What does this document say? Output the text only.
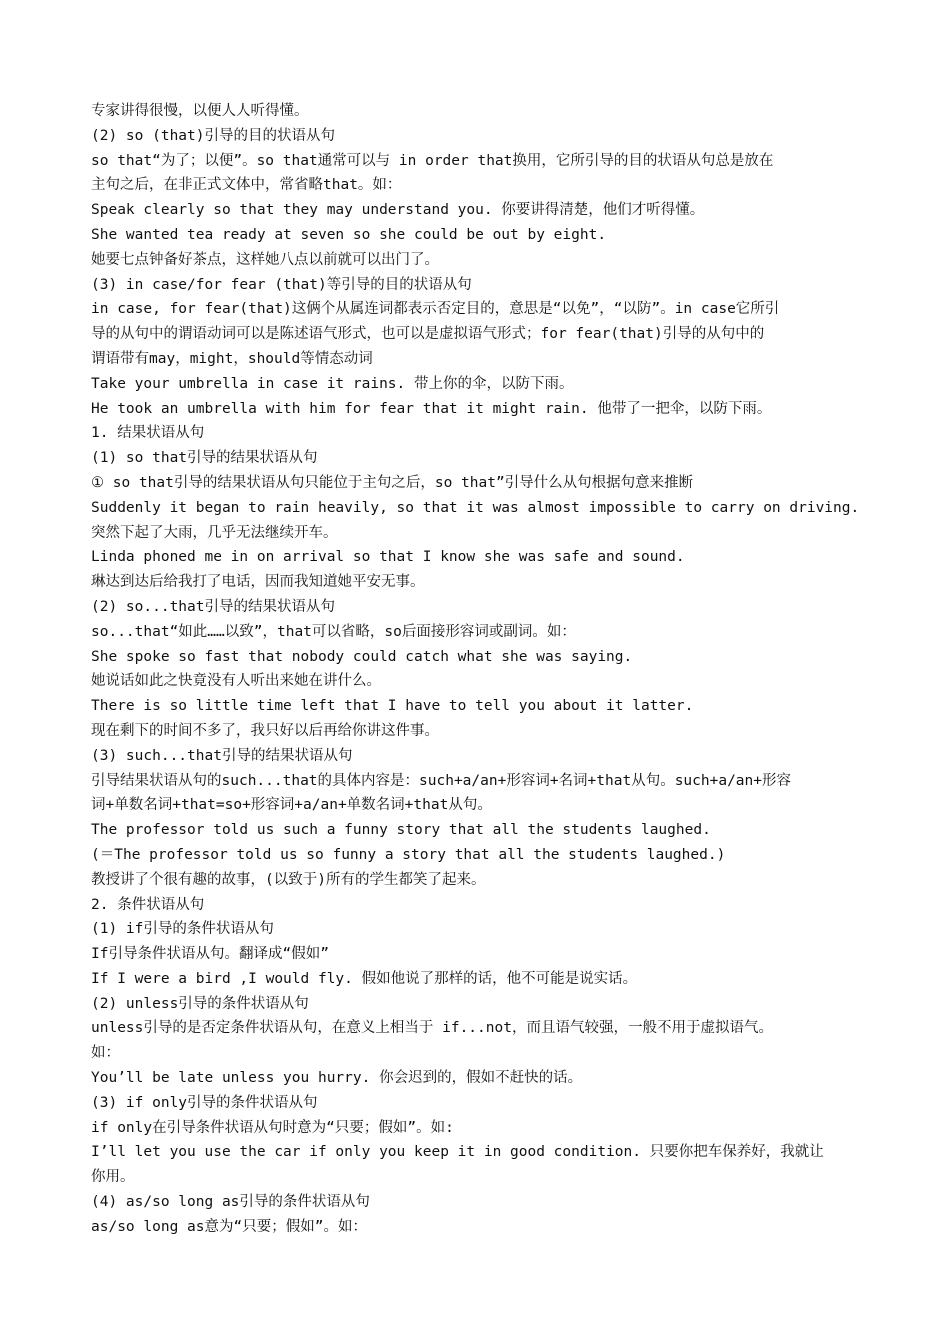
专家讲得很慢，以便人人听得懂。
(2) so (that)引导的目的状语从句
so that“为了；以便”。so that通常可以与 in order that换用，它所引导的目的状语从句总是放在
主句之后，在非正式文体中，常省略that。如：
Speak clearly so that they may understand you. 你要讲得清楚，他们才听得懂。
She wanted tea ready at seven so she could be out by eight.
她要七点钟备好茶点，这样她八点以前就可以出门了。
(3) in case/for fear (that)等引导的目的状语从句
in case, for fear(that)这俩个从属连词都表示否定目的，意思是“以免”，“以防”。in case它所引
导的从句中的谓语动词可以是陈述语气形式，也可以是虚拟语气形式；for fear(that)引导的从句中的
谓语带有may，might，should等情态动词
Take your umbrella in case it rains. 带上你的伞，以防下雨。
He took an umbrella with him for fear that it might rain. 他带了一把伞，以防下雨。
1. 结果状语从句
(1) so that引导的结果状语从句
① so that引导的结果状语从句只能位于主句之后，so that”引导什么从句根据句意来推断
Suddenly it began to rain heavily, so that it was almost impossible to carry on driving.
突然下起了大雨，几乎无法继续开车。
Linda phoned me in on arrival so that I know she was safe and sound.
琳达到达后给我打了电话，因而我知道她平安无事。
(2) so...that引导的结果状语从句
so...that“如此……以致”，that可以省略，so后面接形容词或副词。如：
She spoke so fast that nobody could catch what she was saying.
她说话如此之快竟没有人听出来她在讲什么。
There is so little time left that I have to tell you about it latter.
现在剩下的时间不多了，我只好以后再给你讲这件事。
(3) such...that引导的结果状语从句
引导结果状语从句的such...that的具体内容是：such+a/an+形容词+名词+that从句。such+a/an+形容
词+单数名词+that=so+形容词+a/an+单数名词+that从句。
The professor told us such a funny story that all the students laughed.
(＝The professor told us so funny a story that all the students laughed.)
教授讲了个很有趣的故事，(以致于)所有的学生都笑了起来。
2. 条件状语从句
(1) if引导的条件状语从句
If引导条件状语从句。翻译成“假如”
If I were a bird ,I would fly. 假如他说了那样的话，他不可能是说实话。
(2) unless引导的条件状语从句
unless引导的是否定条件状语从句，在意义上相当于 if...not，而且语气较强，一般不用于虚拟语气。
如：
You’ll be late unless you hurry. 你会迟到的，假如不赶快的话。
(3) if only引导的条件状语从句
if only在引导条件状语从句时意为“只要；假如”。如:
I’ll let you use the car if only you keep it in good condition. 只要你把车保养好，我就让
你用。
(4) as/so long as引导的条件状语从句
as/so long as意为“只要；假如”。如：
